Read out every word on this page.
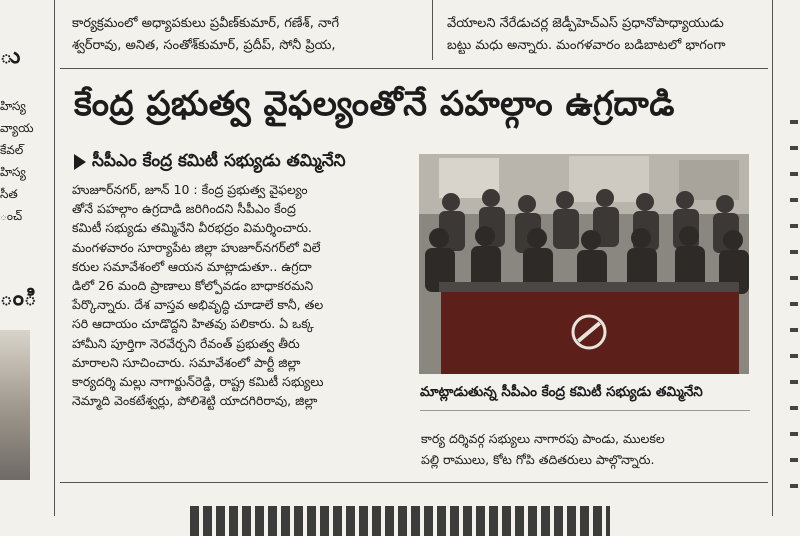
కార్యక్రమంలో అధ్యాపకులు ప్రవీణ్‌కుమార్, గణేశ్, నాగే
శ్వర్‌రావు, అనిత, సంతోశ్‌కుమార్, ప్రదీప్, సోనీ ప్రియ,
వేయాలని నేరేడుచర్ల జెడ్పీహెచ్ఎస్ ప్రధానోపాధ్యాయుడు
బట్టు మధు అన్నారు. మంగళవారం బడిబాటలో భాగంగా
ు
హిస్య
వ్యాయ
కేవల్
హిస్య
సీత
ంచ్
ంి
కేంద్ర ప్రభుత్వ వైఫల్యంతోనే పహల్గాం ఉగ్రదాడి
సీపీఎం కేంద్ర కమిటీ సభ్యుడు తమ్మినేని
హుజూర్‌నగర్, జూన్ 10 : కేంద్ర ప్రభుత్వ వైఫల్యం
తోనే పహల్గాం ఉగ్రదాడి జరిగిందని సీపీఎం కేంద్ర
కమిటీ సభ్యుడు తమ్మినేని వీరభద్రం విమర్శించారు.
మంగళవారం సూర్యాపేట జిల్లా హుజూర్‌నగర్‌లో విలే
కరుల సమావేశంలో ఆయన మాట్లాడుతూ.. ఉగ్రదా
డిలో 26 మంది ప్రాణాలు కోల్పోవడం బాధాకరమని
పేర్కొన్నారు. దేశ వాస్తవ అభివృద్ధి చూడాలే కానీ, తల
సరి ఆదాయం చూడొద్దని హితవు పలికారు. ఏ ఒక్క
హామీని పూర్తిగా నెరవేర్చని రేవంత్ ప్రభుత్వ తీరు
మారాలని సూచించారు. సమావేశంలో పార్టీ జిల్లా
కార్యదర్శి మల్లు నాగార్జున్‌రెడ్డి, రాష్ట్ర కమిటీ సభ్యులు
నెమ్మాది వెంకటేశ్వర్లు, పోలిశెట్టి యాదగిరిరావు, జిల్లా
మాట్లాడుతున్న సీపీఎం కేంద్ర కమిటీ సభ్యుడు తమ్మినేని
కార్య దర్శివర్గ సభ్యులు నాగారపు పాండు, ములకల
పల్లి రాములు, కోట గోపి తదితరులు పాల్గొన్నారు.
